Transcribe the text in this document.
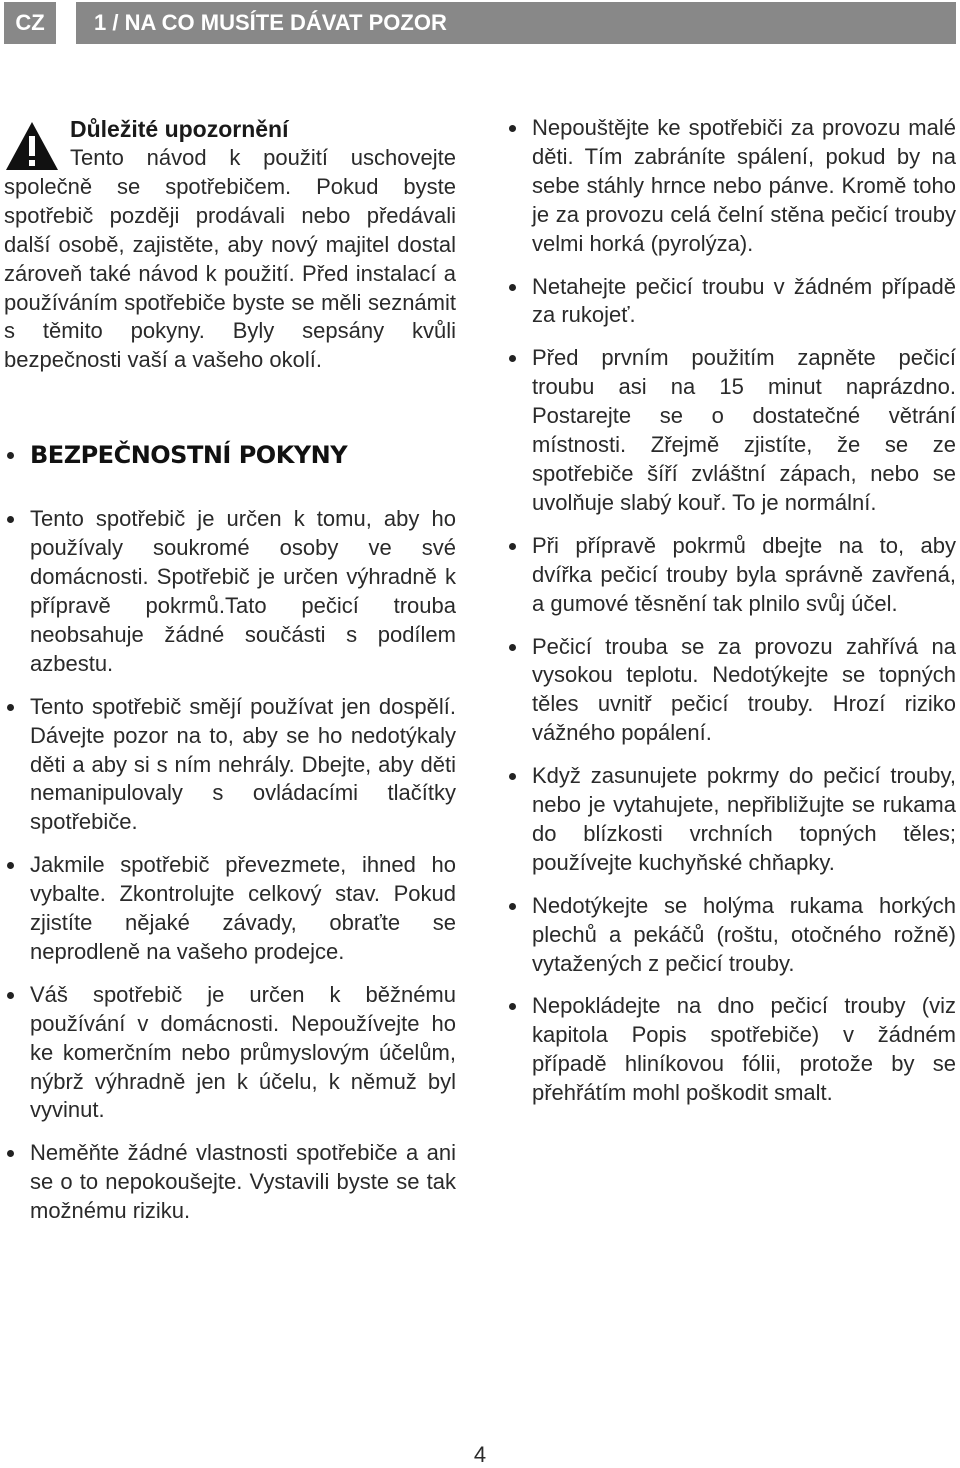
CZ	1 / NA CO MUSÍTE DÁVAT POZOR

Důležité upozornění

Tento návod k použití uschovejte společně se spotřebičem. Pokud byste spotřebič později prodávali nebo předávali další osobě, zajistěte, aby nový majitel dostal zároveň také návod k použití. Před instalací a používáním spotřebiče byste se měli seznámit s těmito pokyny. Byly sepsány kvůli bezpečnosti vaší a vašeho okolí.

BEZPEČNOSTNÍ POKYNY
Tento spotřebič je určen k tomu, aby ho používaly soukromé osoby ve své domácnosti. Spotřebič je určen výhradně k přípravě pokrmů.Tato pečicí trouba neobsahuje žádné součásti s podílem azbestu.
Tento spotřebič smějí používat jen dospělí. Dávejte pozor na to, aby se ho nedotýkaly děti a aby si s ním nehrály. Dbejte, aby děti nemanipulovaly s ovládacími tlačítky spotřebiče.
Jakmile spotřebič převezmete, ihned ho vybalte. Zkontrolujte celkový stav. Pokud zjistíte nějaké závady, obraťte se neprodleně na vašeho prodejce.
Váš spotřebič je určen k běžnému používání v domácnosti. Nepoužívejte ho ke komerčním nebo průmyslovým účelům, nýbrž výhradně jen k účelu, k němuž byl vyvinut.
Neměňte žádné vlastnosti spotřebiče a ani se o to nepokoušejte. Vystavili byste se tak možnému riziku.
Nepouštějte ke spotřebiči za provozu malé děti. Tím zabráníte spálení, pokud by na sebe stáhly hrnce nebo pánve. Kromě toho je za provozu celá čelní stěna pečicí trouby velmi horká (pyrolýza).
Netahejte pečicí troubu v žádném případě za rukojeť.
Před prvním použitím zapněte pečicí troubu asi na 15 minut naprázdno. Postarejte se o dostatečné větrání místnosti. Zřejmě zjistíte, že se ze spotřebiče šíří zvláštní zápach, nebo se uvolňuje slabý kouř. To je normální.
Při přípravě pokrmů dbejte na to, aby dvířka pečicí trouby byla správně zavřená, a gumové těsnění tak plnilo svůj účel.
Pečicí trouba se za provozu zahřívá na vysokou teplotu. Nedotýkejte se topných těles uvnitř pečicí trouby. Hrozí riziko vážného popálení.
Když zasunujete pokrmy do pečicí trouby, nebo je vytahujete, nepřibližujte se rukama do blízkosti vrchních topných těles; používejte kuchyňské chňapky.
Nedotýkejte se holýma rukama horkých plechů a pekáčů (roštu, otočného rožně) vytažených z pečicí trouby.
Nepokládejte na dno pečicí trouby (viz kapitola Popis spotřebiče) v žádném případě hliníkovou fólii, protože by se přehřátím mohl poškodit smalt.
4
